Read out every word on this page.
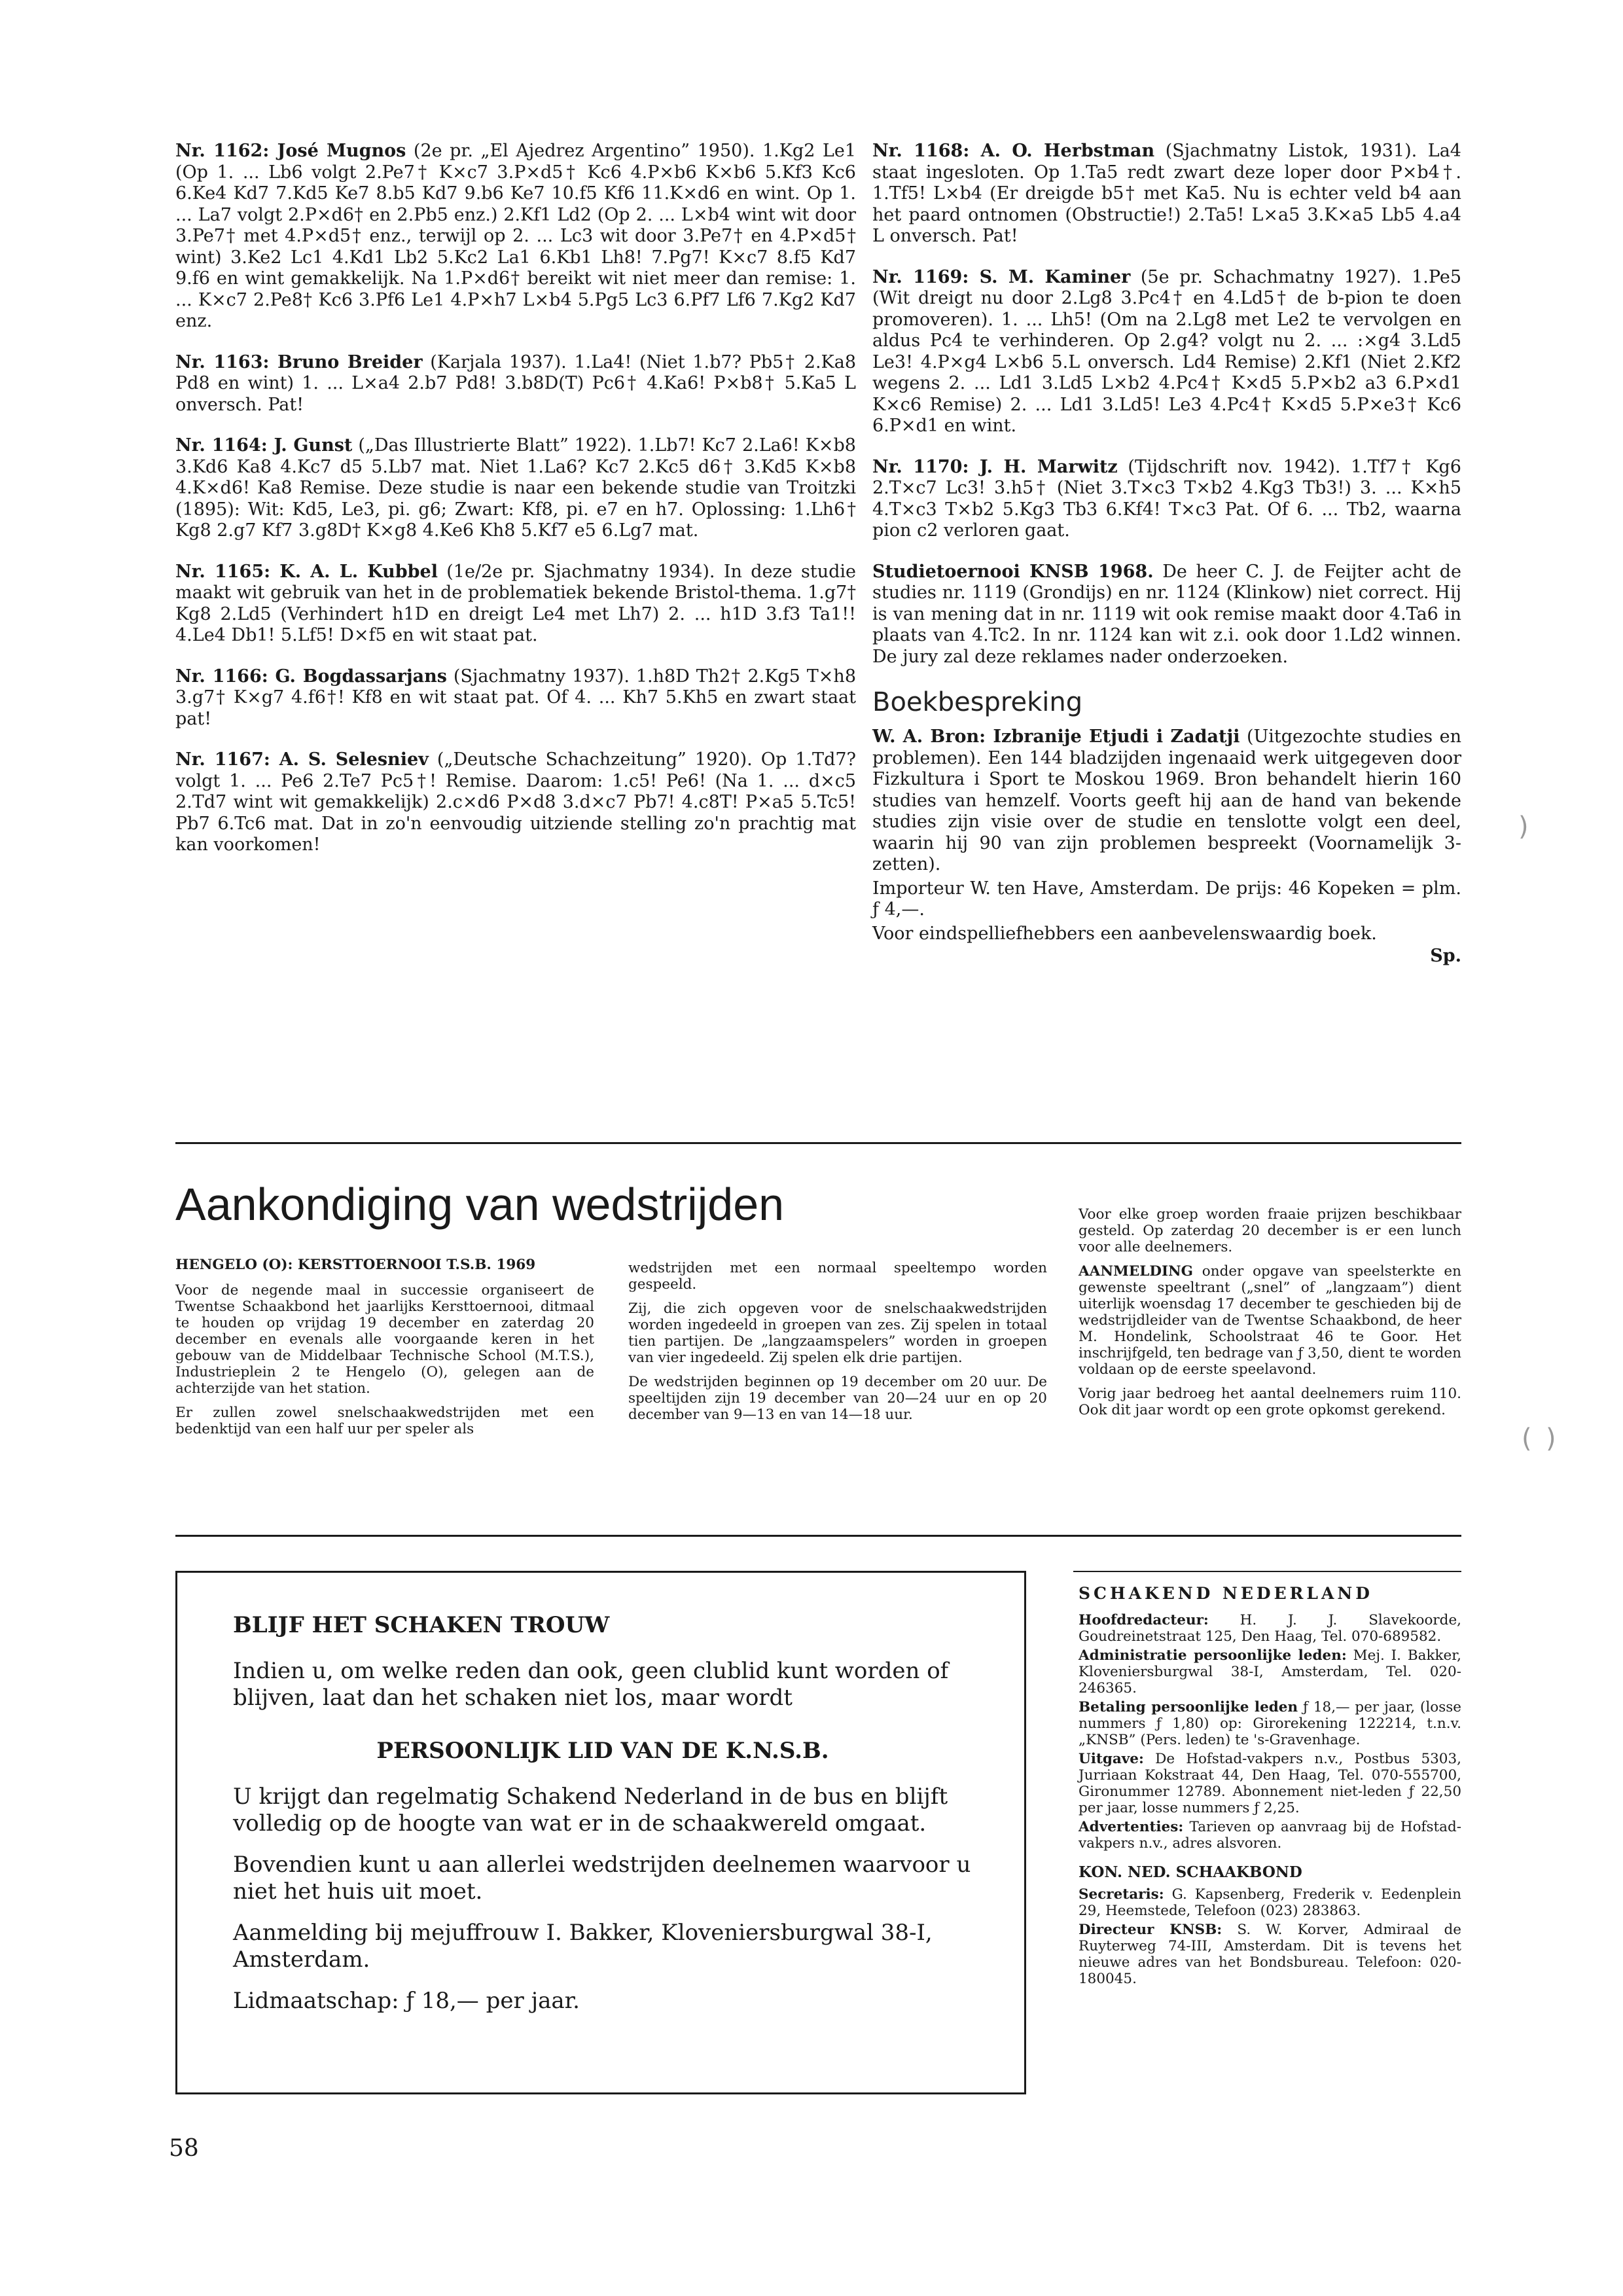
Nr. 1162: José Mugnos (2e pr. „El Ajedrez Argentino” 1950). 1.Kg2 Le1 (Op 1. ... Lb6 volgt 2.Pe7† K×c7 3.P×d5† Kc6 4.P×b6 K×b6 5.Kf3 Kc6 6.Ke4 Kd7 7.Kd5 Ke7 8.b5 Kd7 9.b6 Ke7 10.f5 Kf6 11.K×d6 en wint. Op 1. ... La7 volgt 2.P×d6† en 2.Pb5 enz.) 2.Kf1 Ld2 (Op 2. ... L×b4 wint wit door 3.Pe7† met 4.P×d5† enz., terwijl op 2. ... Lc3 wit door 3.Pe7† en 4.P×d5† wint) 3.Ke2 Lc1 4.Kd1 Lb2 5.Kc2 La1 6.Kb1 Lh8! 7.Pg7! K×c7 8.f5 Kd7 9.f6 en wint gemakkelijk. Na 1.P×d6† bereikt wit niet meer dan remise: 1. ... K×c7 2.Pe8† Kc6 3.Pf6 Le1 4.P×h7 L×b4 5.Pg5 Lc3 6.Pf7 Lf6 7.Kg2 Kd7 enz.

Nr. 1163: Bruno Breider (Karjala 1937). 1.La4! (Niet 1.b7? Pb5† 2.Ka8 Pd8 en wint) 1. ... L×a4 2.b7 Pd8! 3.b8D(T) Pc6† 4.Ka6! P×b8† 5.Ka5 L onversch. Pat!

Nr. 1164: J. Gunst („Das Illustrierte Blatt” 1922). 1.Lb7! Kc7 2.La6! K×b8 3.Kd6 Ka8 4.Kc7 d5 5.Lb7 mat. Niet 1.La6? Kc7 2.Kc5 d6† 3.Kd5 K×b8 4.K×d6! Ka8 Remise. Deze studie is naar een bekende studie van Troitzki (1895): Wit: Kd5, Le3, pi. g6; Zwart: Kf8, pi. e7 en h7. Oplossing: 1.Lh6† Kg8 2.g7 Kf7 3.g8D† K×g8 4.Ke6 Kh8 5.Kf7 e5 6.Lg7 mat.

Nr. 1165: K. A. L. Kubbel (1e/2e pr. Sjachmatny 1934). In deze studie maakt wit gebruik van het in de problematiek bekende Bristol-thema. 1.g7† Kg8 2.Ld5 (Verhindert h1D en dreigt Le4 met Lh7) 2. ... h1D 3.f3 Ta1!! 4.Le4 Db1! 5.Lf5! D×f5 en wit staat pat.

Nr. 1166: G. Bogdassarjans (Sjachmatny 1937). 1.h8D Th2† 2.Kg5 T×h8 3.g7† K×g7 4.f6†! Kf8 en wit staat pat. Of 4. ... Kh7 5.Kh5 en zwart staat pat!

Nr. 1167: A. S. Selesniev („Deutsche Schachzeitung” 1920). Op 1.Td7? volgt 1. ... Pe6 2.Te7 Pc5†! Remise. Daarom: 1.c5! Pe6! (Na 1. ... d×c5 2.Td7 wint wit gemakkelijk) 2.c×d6 P×d8 3.d×c7 Pb7! 4.c8T! P×a5 5.Tc5! Pb7 6.Tc6 mat. Dat in zo'n eenvoudig uitziende stelling zo'n prachtig mat kan voorkomen!

Nr. 1168: A. O. Herbstman (Sjachmatny Listok, 1931). La4 staat ingesloten. Op 1.Ta5 redt zwart deze loper door P×b4†. 1.Tf5! L×b4 (Er dreigde b5† met Ka5. Nu is echter veld b4 aan het paard ontnomen (Obstructie!) 2.Ta5! L×a5 3.K×a5 Lb5 4.a4 L onversch. Pat!

Nr. 1169: S. M. Kaminer (5e pr. Schachmatny 1927). 1.Pe5 (Wit dreigt nu door 2.Lg8 3.Pc4† en 4.Ld5† de b-pion te doen promoveren). 1. ... Lh5! (Om na 2.Lg8 met Le2 te vervolgen en aldus Pc4 te verhinderen. Op 2.g4? volgt nu 2. ... :×g4 3.Ld5 Le3! 4.P×g4 L×b6 5.L onversch. Ld4 Remise) 2.Kf1 (Niet 2.Kf2 wegens 2. ... Ld1 3.Ld5 L×b2 4.Pc4† K×d5 5.P×b2 a3 6.P×d1 K×c6 Remise) 2. ... Ld1 3.Ld5! Le3 4.Pc4† K×d5 5.P×e3† Kc6 6.P×d1 en wint.

Nr. 1170: J. H. Marwitz (Tijdschrift nov. 1942). 1.Tf7† Kg6 2.T×c7 Lc3! 3.h5† (Niet 3.T×c3 T×b2 4.Kg3 Tb3!) 3. ... K×h5 4.T×c3 T×b2 5.Kg3 Tb3 6.Kf4! T×c3 Pat. Of 6. ... Tb2, waarna pion c2 verloren gaat.

Studietoernooi KNSB 1968. De heer C. J. de Feijter acht de studies nr. 1119 (Grondijs) en nr. 1124 (Klinkow) niet correct. Hij is van mening dat in nr. 1119 wit ook remise maakt door 4.Ta6 in plaats van 4.Tc2. In nr. 1124 kan wit z.i. ook door 1.Ld2 winnen. De jury zal deze reklames nader onderzoeken.

Boekbespreking

W. A. Bron: Izbranije Etjudi i Zadatji (Uitgezochte studies en problemen). Een 144 bladzijden ingenaaid werk uitgegeven door Fizkultura i Sport te Moskou 1969. Bron behandelt hierin 160 studies van hemzelf. Voorts geeft hij aan de hand van bekende studies zijn visie over de studie en tenslotte volgt een deel, waarin hij 90 van zijn problemen bespreekt (Voornamelijk 3-zetten).

Importeur W. ten Have, Amsterdam. De prijs: 46 Kopeken = plm. ƒ 4,—.

Voor eindspelliefhebbers een aanbevelenswaardig boek.

Sp.
Aankondiging van wedstrijden

HENGELO (O): KERSTTOERNOOI T.S.B. 1969

Voor de negende maal in successie organiseert de Twentse Schaakbond het jaarlijks Kersttoernooi, ditmaal te houden op vrijdag 19 december en zaterdag 20 december en evenals alle voorgaande keren in het gebouw van de Middelbaar Technische School (M.T.S.), Industrieplein 2 te Hengelo (O), gelegen aan de achterzijde van het station.

Er zullen zowel snelschaakwedstrijden met een bedenktijd van een half uur per speler als

wedstrijden met een normaal speeltempo worden gespeeld.

Zij, die zich opgeven voor de snelschaakwedstrijden worden ingedeeld in groepen van zes. Zij spelen in totaal tien partijen. De „langzaamspelers” worden in groepen van vier ingedeeld. Zij spelen elk drie partijen.

De wedstrijden beginnen op 19 december om 20 uur. De speeltijden zijn 19 december van 20—24 uur en op 20 december van 9—13 en van 14—18 uur.

Voor elke groep worden fraaie prijzen beschikbaar gesteld. Op zaterdag 20 december is er een lunch voor alle deelnemers.

AANMELDING onder opgave van speelsterkte en gewenste speeltrant („snel” of „langzaam”) dient uiterlijk woensdag 17 december te geschieden bij de wedstrijdleider van de Twentse Schaakbond, de heer M. Hondelink, Schoolstraat 46 te Goor. Het inschrijfgeld, ten bedrage van ƒ 3,50, dient te worden voldaan op de eerste speelavond.

Vorig jaar bedroeg het aantal deelnemers ruim 110. Ook dit jaar wordt op een grote opkomst gerekend.

BLIJF HET SCHAKEN TROUW

Indien u, om welke reden dan ook, geen clublid kunt worden of blijven, laat dan het schaken niet los, maar wordt

PERSOONLIJK LID VAN DE K.N.S.B.

U krijgt dan regelmatig Schakend Nederland in de bus en blijft volledig op de hoogte van wat er in de schaakwereld omgaat.

Bovendien kunt u aan allerlei wedstrijden deelnemen waarvoor u niet het huis uit moet.

Aanmelding bij mejuffrouw I. Bakker, Kloveniersburgwal 38-I, Amsterdam.

Lidmaatschap: ƒ 18,— per jaar.

SCHAKEND NEDERLAND

Hoofdredacteur: H. J. J. Slavekoorde, Goudreinetstraat 125, Den Haag, Tel. 070-689582.

Administratie persoonlijke leden: Mej. I. Bakker, Kloveniersburgwal 38-I, Amsterdam, Tel. 020-246365.

Betaling persoonlijke leden ƒ 18,— per jaar, (losse nummers ƒ 1,80) op: Girorekening 122214, t.n.v. „KNSB” (Pers. leden) te 's-Gravenhage.

Uitgave: De Hofstad-vakpers n.v., Postbus 5303, Jurriaan Kokstraat 44, Den Haag, Tel. 070-555700, Gironummer 12789. Abonnement niet-leden ƒ 22,50 per jaar, losse nummers ƒ 2,25.

Advertenties: Tarieven op aanvraag bij de Hofstad-vakpers n.v., adres alsvoren.

KON. NED. SCHAAKBOND

Secretaris: G. Kapsenberg, Frederik v. Eedenplein 29, Heemstede, Telefoon (023) 283863.

Directeur KNSB: S. W. Korver, Admiraal de Ruyterweg 74-III, Amsterdam. Dit is tevens het nieuwe adres van het Bondsbureau. Telefoon: 020-180045.

58
)
( )
